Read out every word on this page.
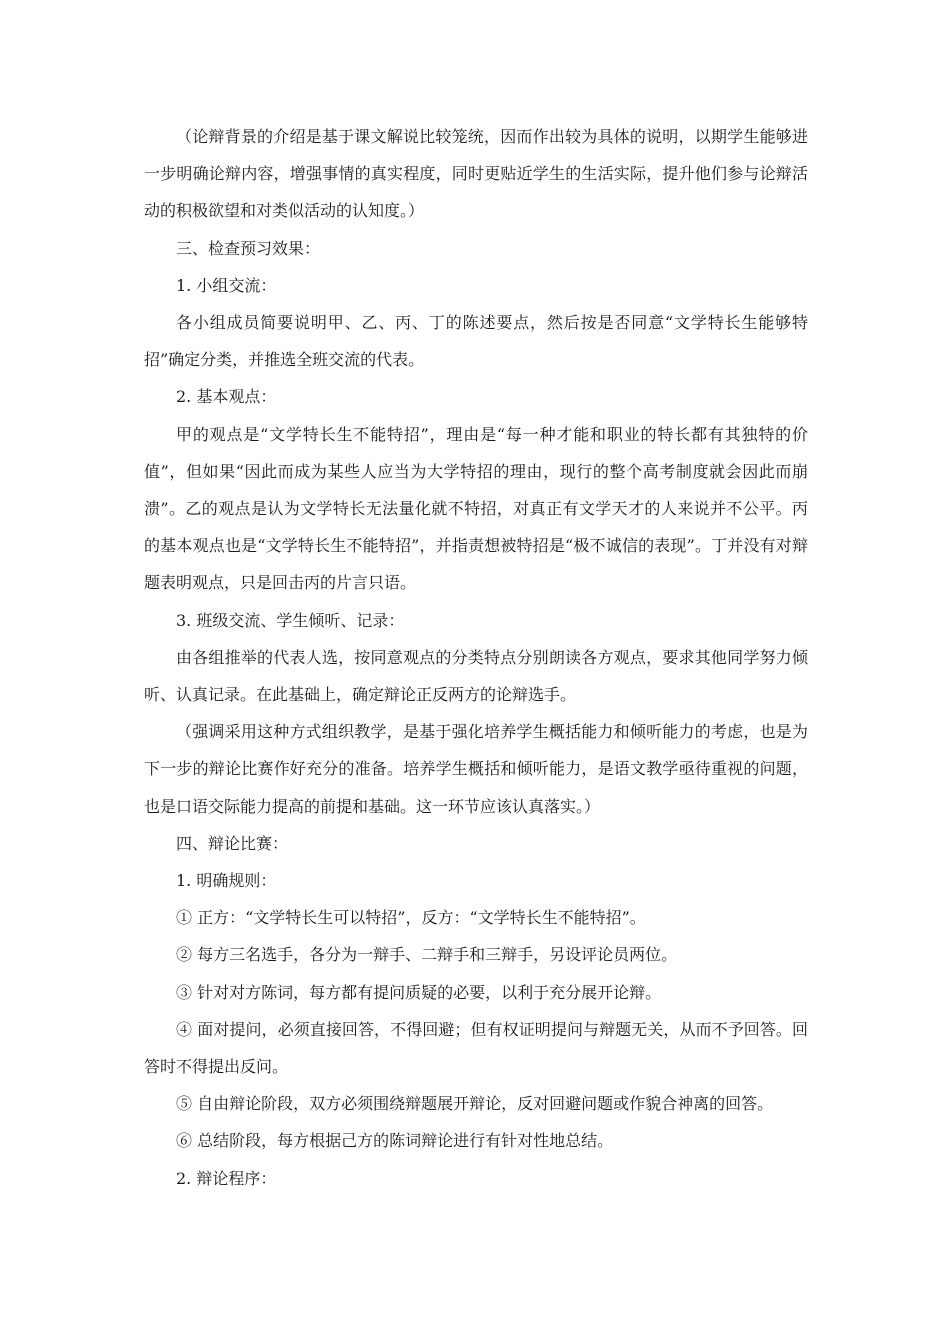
（论辩背景的介绍是基于课文解说比较笼统，因而作出较为具体的说明，以期学生能够进一步明确论辩内容，增强事情的真实程度，同时更贴近学生的生活实际，提升他们参与论辩活动的积极欲望和对类似活动的认知度。）

三、检查预习效果：

1. 小组交流：

各小组成员简要说明甲、乙、丙、丁的陈述要点，然后按是否同意“文学特长生能够特招”确定分类，并推选全班交流的代表。

2. 基本观点：

甲的观点是“文学特长生不能特招”，理由是“每一种才能和职业的特长都有其独特的价值”，但如果“因此而成为某些人应当为大学特招的理由，现行的整个高考制度就会因此而崩溃”。乙的观点是认为文学特长无法量化就不特招，对真正有文学天才的人来说并不公平。丙的基本观点也是“文学特长生不能特招”，并指责想被特招是“极不诚信的表现”。丁并没有对辩题表明观点，只是回击丙的片言只语。

3. 班级交流、学生倾听、记录：

由各组推举的代表人选，按同意观点的分类特点分别朗读各方观点，要求其他同学努力倾听、认真记录。在此基础上，确定辩论正反两方的论辩选手。

（强调采用这种方式组织教学，是基于强化培养学生概括能力和倾听能力的考虑，也是为下一步的辩论比赛作好充分的准备。培养学生概括和倾听能力，是语文教学亟待重视的问题，也是口语交际能力提高的前提和基础。这一环节应该认真落实。）

四、辩论比赛：

1. 明确规则：

① 正方：“文学特长生可以特招”，反方：“文学特长生不能特招”。

② 每方三名选手，各分为一辩手、二辩手和三辩手，另设评论员两位。

③ 针对对方陈词，每方都有提问质疑的必要，以利于充分展开论辩。

④ 面对提问，必须直接回答，不得回避；但有权证明提问与辩题无关，从而不予回答。回答时不得提出反问。

⑤ 自由辩论阶段，双方必须围绕辩题展开辩论，反对回避问题或作貌合神离的回答。

⑥ 总结阶段，每方根据己方的陈词辩论进行有针对性地总结。

2. 辩论程序：
